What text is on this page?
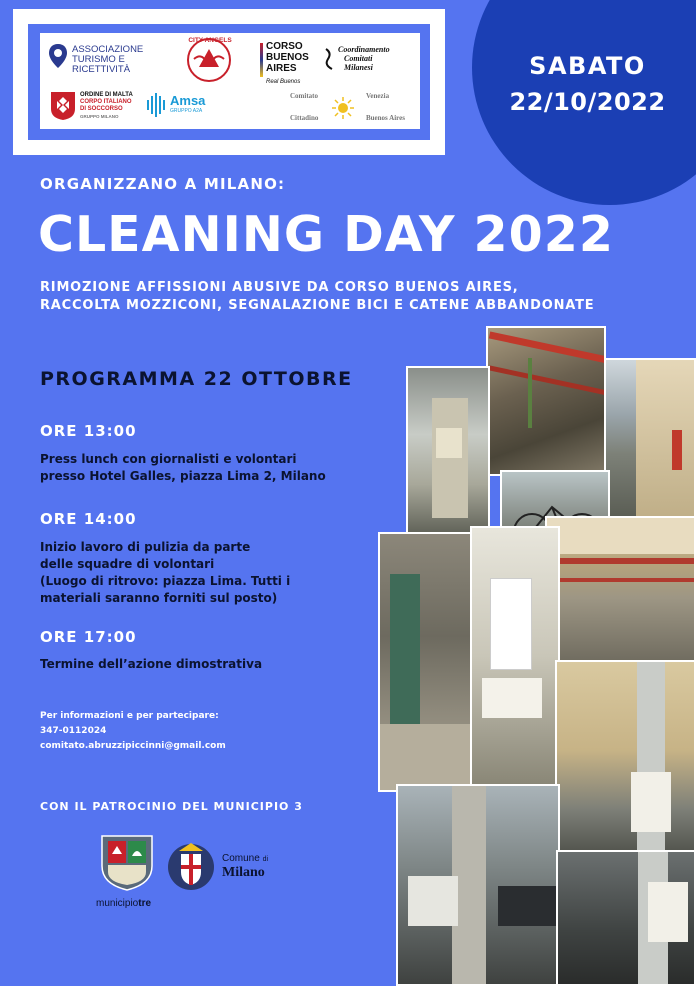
ASSOCIAZIONE
TURISMO E
RICETTIVITÀ
CITY ANGELS
CORSO
BUENOS
AIRES
Real Buenos
Coordinamento
Comitati
Milanesi
ORDINE DI MALTA
CORPO ITALIANO
DI SOCCORSO
GRUPPO MILANO
Amsa
GRUPPO A2A
Comitato	Venezia
Cittadino	Buenos Aires
SABATO
22/10/2022
ORGANIZZANO A MILANO:
CLEANING DAY 2022
RIMOZIONE AFFISSIONI ABUSIVE DA CORSO BUENOS AIRES,
RACCOLTA MOZZICONI, SEGNALAZIONE BICI E CATENE ABBANDONATE
PROGRAMMA 22 OTTOBRE
ORE 13:00
Press lunch con giornalisti e volontari
presso Hotel Galles, piazza Lima 2, Milano
ORE 14:00
Inizio lavoro di pulizia da parte
delle squadre di volontari
(Luogo di ritrovo: piazza Lima. Tutti i
materiali saranno forniti sul posto)
ORE 17:00
Termine dell’azione dimostrativa
Per informazioni e per partecipare:
347-0112024
comitato.abruzzipiccinni@gmail.com
CON IL PATROCINIO DEL MUNICIPIO 3
municipiotre
Comune di
Milano
